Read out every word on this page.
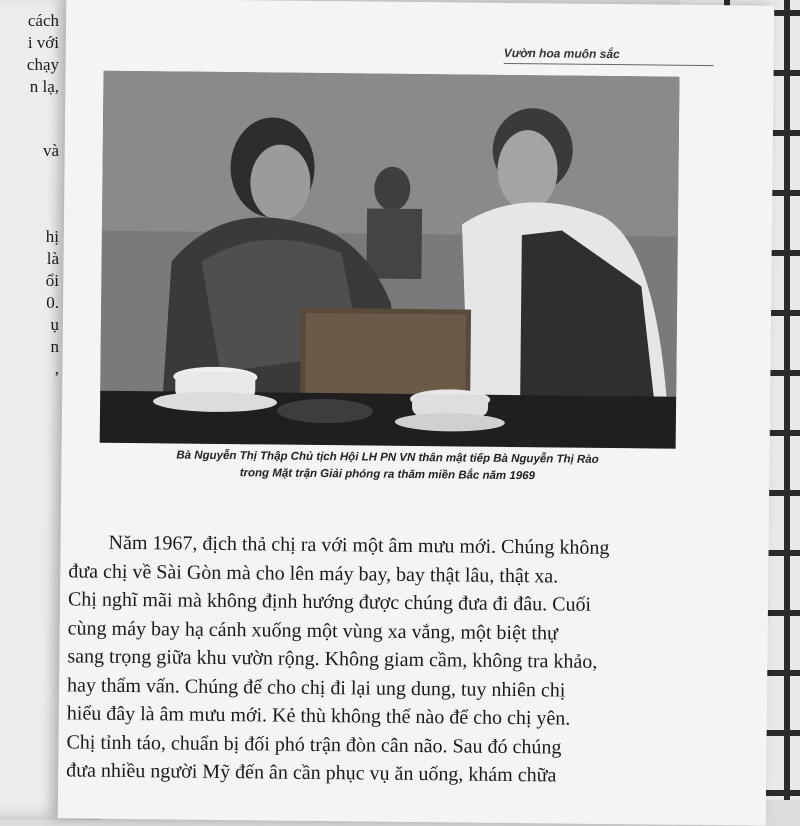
cách
i với
chạy
n lạ,
và
hị
là
ổi
0.
ụ
n
,
Vườn hoa muôn sắc
Bà Nguyễn Thị Thập Chủ tịch Hội LH PN VN thân mật tiếp Bà Nguyễn Thị Rào
trong Mặt trận Giải phóng ra thăm miền Bắc năm 1969
Năm 1967, địch thả chị ra với một âm mưu mới. Chúng không
đưa chị về Sài Gòn mà cho lên máy bay, bay thật lâu, thật xa.
Chị nghĩ mãi mà không định hướng được chúng đưa đi đâu. Cuối
cùng máy bay hạ cánh xuống một vùng xa vắng, một biệt thự
sang trọng giữa khu vườn rộng. Không giam cầm, không tra khảo,
hay thẩm vấn. Chúng để cho chị đi lại ung dung, tuy nhiên chị
hiểu đây là âm mưu mới. Kẻ thù không thể nào để cho chị yên.
Chị tỉnh táo, chuẩn bị đối phó trận đòn cân não. Sau đó chúng
đưa nhiều người Mỹ đến ân cần phục vụ ăn uống, khám chữa
